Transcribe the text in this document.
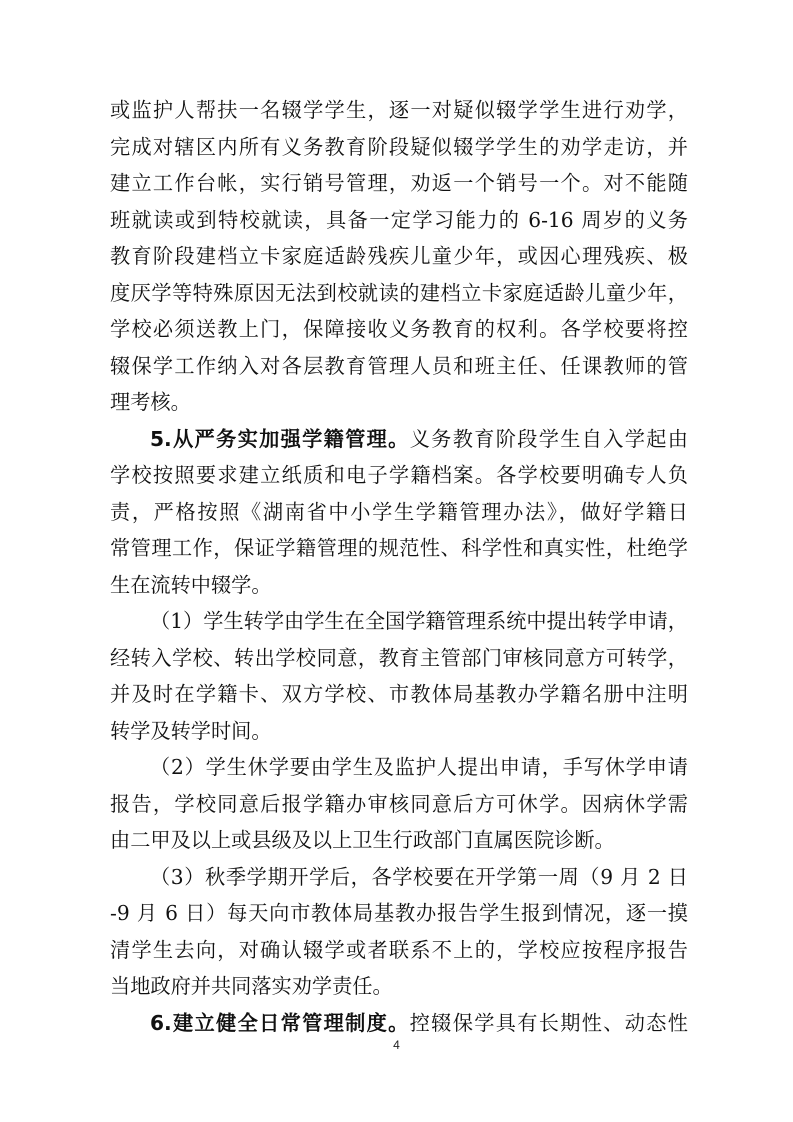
或监护人帮扶一名辍学学生，逐一对疑似辍学学生进行劝学，
完成对辖区内所有义务教育阶段疑似辍学学生的劝学走访，并
建立工作台帐，实行销号管理，劝返一个销号一个。对不能随
班就读或到特校就读，具备一定学习能力的 6-16 周岁的义务
教育阶段建档立卡家庭适龄残疾儿童少年，或因心理残疾、极
度厌学等特殊原因无法到校就读的建档立卡家庭适龄儿童少年，
学校必须送教上门，保障接收义务教育的权利。各学校要将控
辍保学工作纳入对各层教育管理人员和班主任、任课教师的管
理考核。
5.从严务实加强学籍管理。义务教育阶段学生自入学起由
学校按照要求建立纸质和电子学籍档案。各学校要明确专人负
责，严格按照《湖南省中小学生学籍管理办法》，做好学籍日
常管理工作，保证学籍管理的规范性、科学性和真实性，杜绝学
生在流转中辍学。
（1）学生转学由学生在全国学籍管理系统中提出转学申请，
经转入学校、转出学校同意，教育主管部门审核同意方可转学，
并及时在学籍卡、双方学校、市教体局基教办学籍名册中注明
转学及转学时间。
（2）学生休学要由学生及监护人提出申请，手写休学申请
报告，学校同意后报学籍办审核同意后方可休学。因病休学需
由二甲及以上或县级及以上卫生行政部门直属医院诊断。
（3）秋季学期开学后，各学校要在开学第一周（9 月 2 日
-9 月 6 日）每天向市教体局基教办报告学生报到情况，逐一摸
清学生去向，对确认辍学或者联系不上的，学校应按程序报告
当地政府并共同落实劝学责任。
6.建立健全日常管理制度。控辍保学具有长期性、动态性
4
